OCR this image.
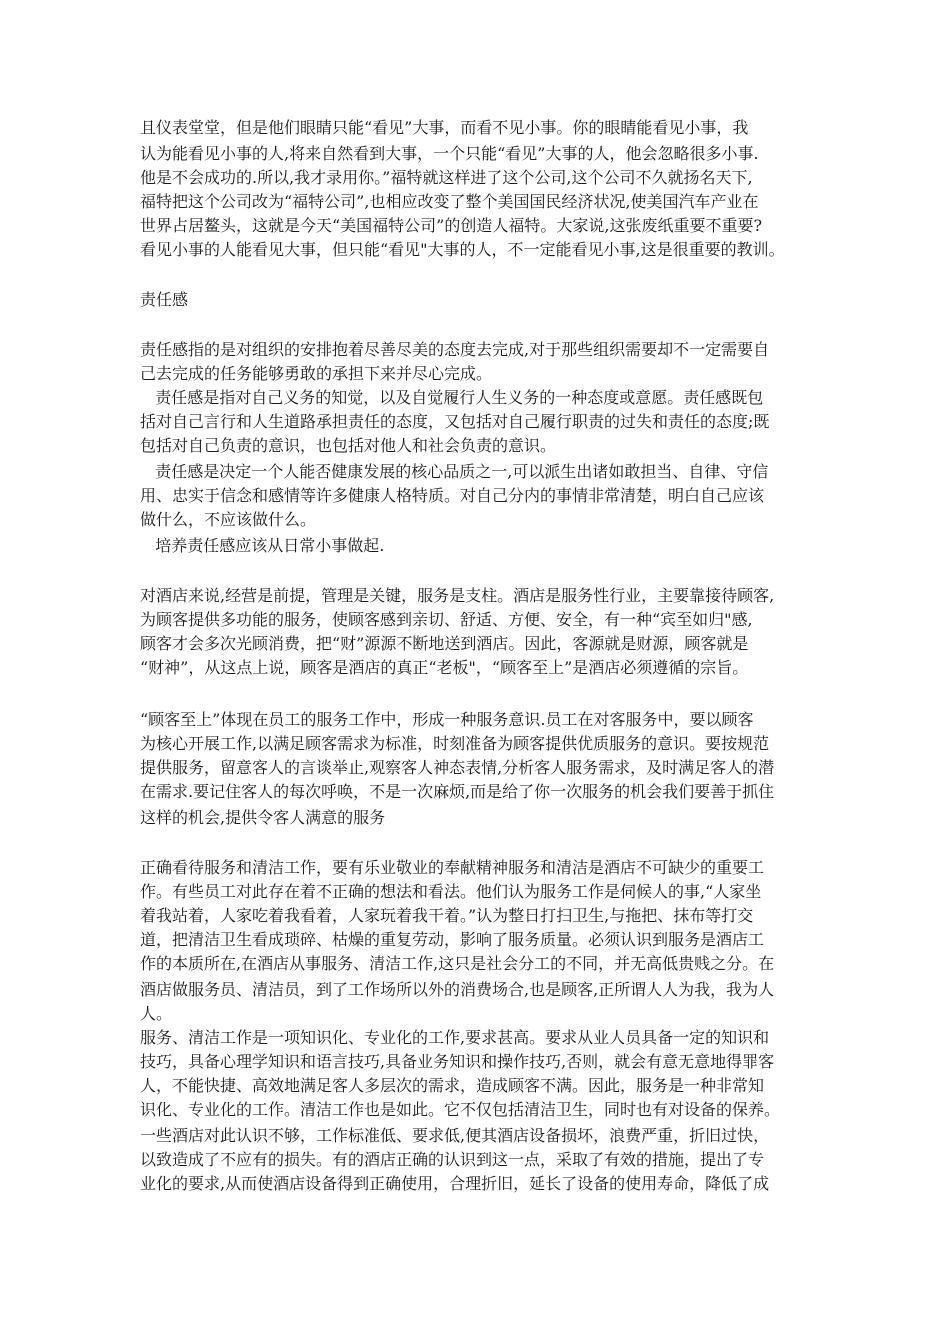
且仪表堂堂，但是他们眼睛只能“看见”大事，而看不见小事。你的眼睛能看见小事，我
认为能看见小事的人,将来自然看到大事，一个只能“看见”大事的人，他会忽略很多小事.
他是不会成功的.所以,我才录用你。”福特就这样进了这个公司,这个公司不久就扬名天下,
福特把这个公司改为“福特公司”,也相应改变了整个美国国民经济状况,使美国汽车产业在
世界占居鳌头，这就是今天“美国福特公司”的创造人福特。大家说,这张废纸重要不重要?
看见小事的人能看见大事，但只能“看见"大事的人，不一定能看见小事,这是很重要的教训。
责任感
责任感指的是对组织的安排抱着尽善尽美的态度去完成,对于那些组织需要却不一定需要自
己去完成的任务能够勇敢的承担下来并尽心完成。
责任感是指对自己义务的知觉，以及自觉履行人生义务的一种态度或意愿。责任感既包
括对自己言行和人生道路承担责任的态度，又包括对自己履行职责的过失和责任的态度;既
包括对自己负责的意识，也包括对他人和社会负责的意识。
责任感是决定一个人能否健康发展的核心品质之一,可以派生出诸如敢担当、自律、守信
用、忠实于信念和感情等许多健康人格特质。对自己分内的事情非常清楚，明白自己应该
做什么，不应该做什么。
培养责任感应该从日常小事做起.
对酒店来说,经营是前提，管理是关键，服务是支柱。酒店是服务性行业，主要靠接待顾客,
为顾客提供多功能的服务，使顾客感到亲切、舒适、方便、安全，有一种“宾至如归"感,
顾客才会多次光顾消费，把“财”源源不断地送到酒店。因此，客源就是财源，顾客就是
“财神”，从这点上说，顾客是酒店的真正“老板"，“顾客至上”是酒店必须遵循的宗旨。
“顾客至上”体现在员工的服务工作中，形成一种服务意识.员工在对客服务中，要以顾客
为核心开展工作,以满足顾客需求为标准，时刻准备为顾客提供优质服务的意识。要按规范
提供服务，留意客人的言谈举止,观察客人神态表情,分析客人服务需求，及时满足客人的潜
在需求.要记住客人的每次呼唤，不是一次麻烦,而是给了你一次服务的机会我们要善于抓住
这样的机会,提供令客人满意的服务
正确看待服务和清洁工作，要有乐业敬业的奉献精神服务和清洁是酒店不可缺少的重要工
作。有些员工对此存在着不正确的想法和看法。他们认为服务工作是伺候人的事,“人家坐
着我站着，人家吃着我看着，人家玩着我干着。”认为整日打扫卫生,与拖把、抹布等打交
道，把清洁卫生看成琐碎、枯燥的重复劳动，影响了服务质量。必须认识到服务是酒店工
作的本质所在,在酒店从事服务、清洁工作,这只是社会分工的不同，并无高低贵贱之分。在
酒店做服务员、清洁员，到了工作场所以外的消费场合,也是顾客,正所谓人人为我，我为人
人。
服务、清洁工作是一项知识化、专业化的工作,要求甚高。要求从业人员具备一定的知识和
技巧，具备心理学知识和语言技巧,具备业务知识和操作技巧,否则，就会有意无意地得罪客
人，不能快捷、高效地满足客人多层次的需求，造成顾客不满。因此，服务是一种非常知
识化、专业化的工作。清洁工作也是如此。它不仅包括清洁卫生，同时也有对设备的保养。
一些酒店对此认识不够，工作标准低、要求低,便其酒店设备损坏，浪费严重，折旧过快，
以致造成了不应有的损失。有的酒店正确的认识到这一点，采取了有效的措施，提出了专
业化的要求,从而使酒店设备得到正确使用，合理折旧，延长了设备的使用寿命，降低了成
